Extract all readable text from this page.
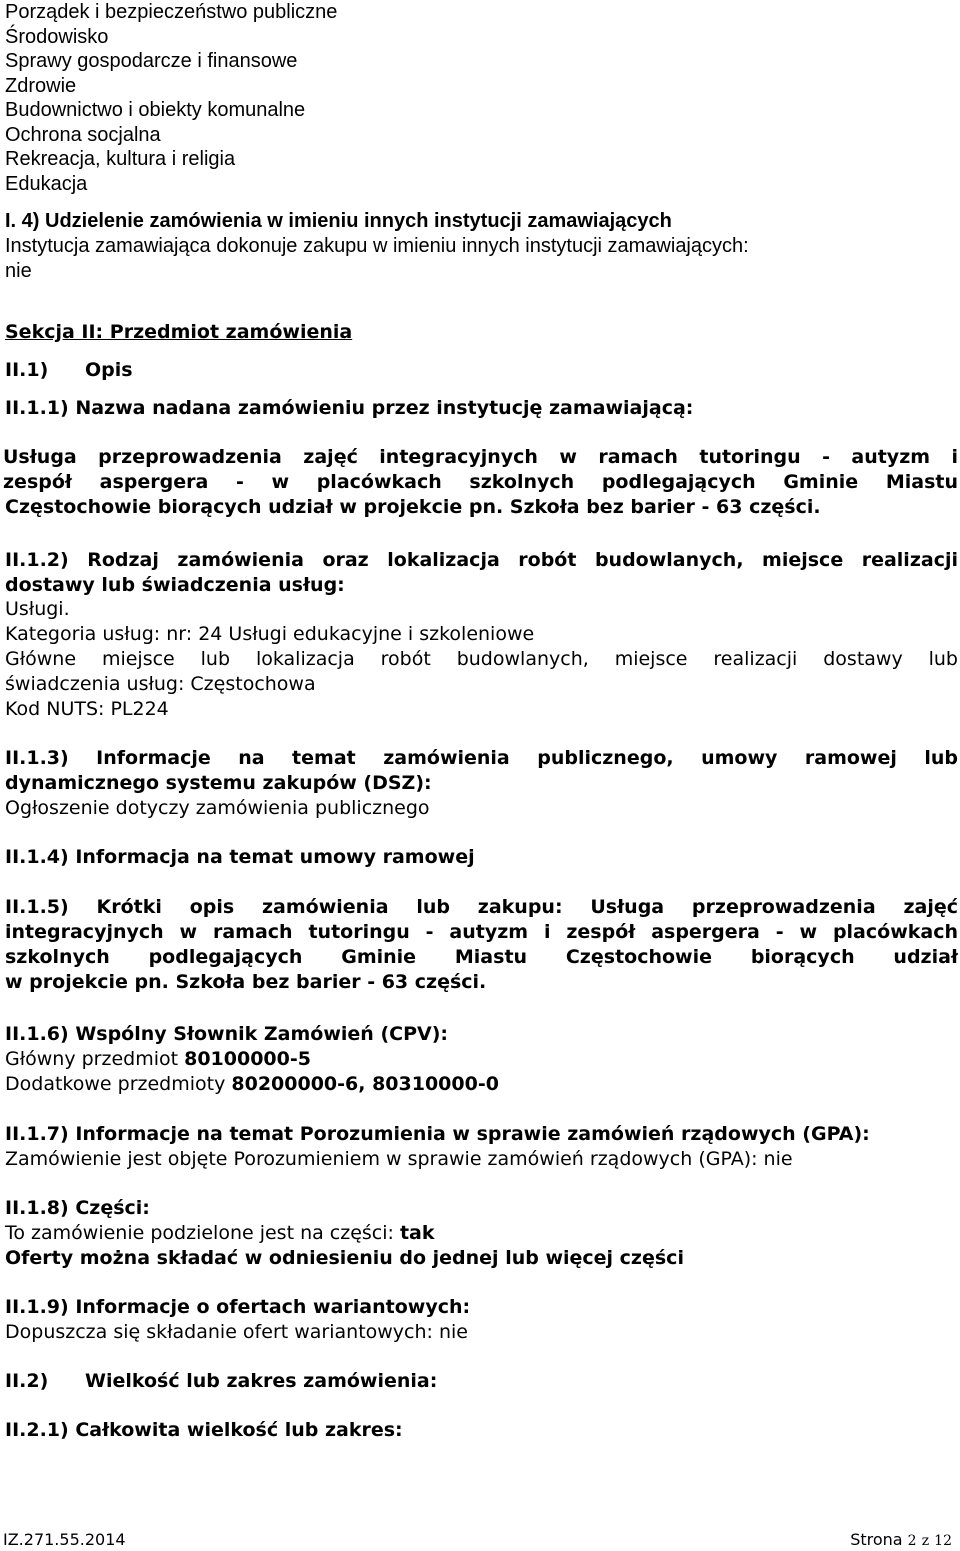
Porządek i bezpieczeństwo publiczne
Środowisko
Sprawy gospodarcze i finansowe
Zdrowie
Budownictwo i obiekty komunalne
Ochrona socjalna
Rekreacja, kultura i religia
Edukacja
I. 4) Udzielenie zamówienia w imieniu innych instytucji zamawiających
Instytucja zamawiająca dokonuje zakupu w imieniu innych instytucji zamawiających:
nie
Sekcja II: Przedmiot zamówienia
II.1) Opis
II.1.1) Nazwa nadana zamówieniu przez instytucję zamawiającą:
Usługa przeprowadzenia zajęć integracyjnych w ramach tutoringu - autyzm i
zespół aspergera - w placówkach szkolnych podlegających Gminie Miastu
Częstochowie biorących udział w projekcie pn. Szkoła bez barier - 63 części.
II.1.2) Rodzaj zamówienia oraz lokalizacja robót budowlanych, miejsce realizacji
dostawy lub świadczenia usług:
Usługi.
Kategoria usług: nr: 24 Usługi edukacyjne i szkoleniowe
Główne miejsce lub lokalizacja robót budowlanych, miejsce realizacji dostawy lub
świadczenia usług: Częstochowa
Kod NUTS: PL224
II.1.3) Informacje na temat zamówienia publicznego, umowy ramowej lub
dynamicznego systemu zakupów (DSZ):
Ogłoszenie dotyczy zamówienia publicznego
II.1.4) Informacja na temat umowy ramowej
II.1.5) Krótki opis zamówienia lub zakupu: Usługa przeprowadzenia zajęć
integracyjnych w ramach tutoringu - autyzm i zespół aspergera - w placówkach
szkolnych podlegających Gminie Miastu Częstochowie biorących udział
w projekcie pn. Szkoła bez barier - 63 części.
II.1.6) Wspólny Słownik Zamówień (CPV):
Główny przedmiot 80100000-5
Dodatkowe przedmioty 80200000-6, 80310000-0
II.1.7) Informacje na temat Porozumienia w sprawie zamówień rządowych (GPA):
Zamówienie jest objęte Porozumieniem w sprawie zamówień rządowych (GPA): nie
II.1.8) Części:
To zamówienie podzielone jest na części: tak
Oferty można składać w odniesieniu do jednej lub więcej części
II.1.9) Informacje o ofertach wariantowych:
Dopuszcza się składanie ofert wariantowych: nie
II.2) Wielkość lub zakres zamówienia:
II.2.1) Całkowita wielkość lub zakres:
IZ.271.55.2014	Strona 2 z 12
